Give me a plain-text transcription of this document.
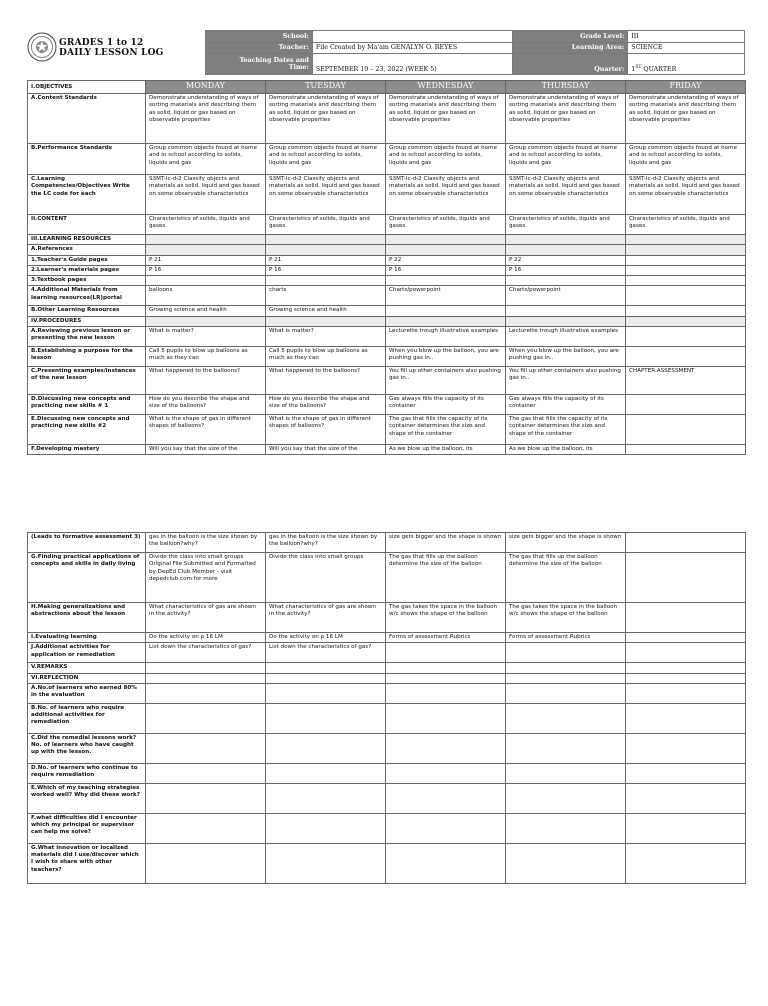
GRADES 1 to 12
DAILY LESSON LOG
School:		Grade Level:	III
Teacher:	File Created by Ma'am GENALYN O. REYES	Learning Area:	SCIENCE

Teaching Dates and
Time:	SEPTEMBER 19 – 23, 2022 (WEEK 5)	Quarter:	1ST QUARTER
I.OBJECTIVES	MONDAY	TUESDAY	WEDNESDAY	THURSDAY	FRIDAY
A.Content Standards	Demonstrate understanding of ways of sorting materials and describing them as solid, liquid or gas based on observable properties	Demonstrate understanding of ways of sorting materials and describing them as solid, liquid or gas based on observable properties	Demonstrate understanding of ways of sorting materials and describing them as solid, liquid or gas based on observable properties	Demonstrate understanding of ways of sorting materials and describing them as solid, liquid or gas based on observable properties	Demonstrate understanding of ways of sorting materials and describing them as solid, liquid or gas based on observable properties
B.Performance Standards	Group common objects found at home and in school according to solids, liquids and gas	Group common objects found at home and in school according to solids, liquids and gas	Group common objects found at home and in school according to solids, liquids and gas	Group common objects found at home and in school according to solids, liquids and gas	Group common objects found at home and in school according to solids, liquids and gas
C.Learning Competencies/Objectives Write the LC code for each	S3MT-Ic-d-2 Classify objects and materials as solid, liquid and gas based on some observable characteristics	S3MT-Ic-d-2 Classify objects and materials as solid, liquid and gas based on some observable characteristics	S3MT-Ic-d-2 Classify objects and materials as solid, liquid and gas based on some observable characteristics	S3MT-Ic-d-2 Classify objects and materials as solid, liquid and gas based on some observable characteristics	S3MT-Ic-d-2 Classify objects and materials as solid, liquid and gas based on some observable characteristics
II.CONTENT	Characteristics of solids, liquids and gases	Characteristics of solids, liquids and gases	Characteristics of solids, liquids and gases	Characteristics of solids, liquids and gases	Characteristics of solids, liquids and gases
III.LEARNING RESOURCES					
A.References					
1.Teacher's Guide pages	P 21	P 21	P 22	P 22	
2.Learner's materials pages	P 16	P 16	P 16	P 16	
3.Textbook pages					
4.Additional Materials from learning resources(LR)portal	balloons	charts	Charts/powerpoint	Charts/powerpoint	
B.Other Learning Resources	Growing science and health	Growing science and health			
IV.PROCEDURES					
A.Reviewing previous lesson or presenting the new lesson	What is matter?	What is matter?	Lecturette trough illustrative examples	Lecturette trough illustrative examples	
B.Establishing a purpose for the lesson	Call 5 pupils to blow up balloons as much as they can	Call 5 pupils to blow up balloons as much as they can	When you blow up the balloon, you are pushing gas in..	When you blow up the balloon, you are pushing gas in..	
C.Presenting examples/instances of the new lesson	What happened to the balloons?	What happened to the balloons?	You fill up other containers also pushing gas in..	You fill up other containers also pushing gas in..	CHAPTER ASSESSMENT
D.Discussing new concepts and practicing new skills # 1	How do you describe the shape and size of the balloons?	How do you describe the shape and size of the balloons?	Gas always fills the capacity of its container	Gas always fills the capacity of its container	
E.Discussing new concepts and practicing new skills #2	What is the shape of gas in different shapes of balloons?	What is the shape of gas in different shapes of balloons?	The gas that fills the capacity of its container determines the size and shape of the container	The gas that fills the capacity of its container determines the size and shape of the container	
F.Developing mastery	Will you say that the size of the	Will you say that the size of the	As we blow up the balloon, its	As we blow up the balloon, its	
(Leads to formative assessment 3)	gas in the balloon is the size shown by the balloon?why?	gas in the balloon is the size shown by the balloon?why?	size gets bigger and the shape is shown	size gets bigger and the shape is shown	
G.Finding practical applications of concepts and skills in daily living	Divide the class into small groups Original File Submitted and Formatted by DepEd Club Member - visit depedclub.com for more	Divide the class into small groups	The gas that fills up the balloon determine the size of the balloon	The gas that fills up the balloon determine the size of the balloon	
H.Making generalizations and abstractions about the lesson	What characteristics of gas are shown in the activity?	What characteristics of gas are shown in the activity?	The gas takes the space in the balloon w/c shows the shape of the balloon	The gas takes the space in the balloon w/c shows the shape of the balloon	
I.Evaluating learning	Do the activity on p 16 LM	Do the activity on p 16 LM	Forms of assessment.Rubrics	Forms of assessment.Rubrics	
J.Additional activities for application or remediation	List down the characteristics of gas?	List down the characteristics of gas?			
V.REMARKS					
VI.REFLECTION					
A.No.of learners who earned 80% in the evaluation					
B.No. of learners who require additional activities for remediation					
C.Did the remedial lessons work? No. of learners who have caught up with the lesson.					
D.No. of learners who continue to require remediation					
E.Which of my teaching strategies worked well? Why did these work?					
F.what difficulties did I encounter which my principal or supervisor can help me solve?					
G.What innovation or localized materials did I use/discover which I wish to share with other teachers?					
